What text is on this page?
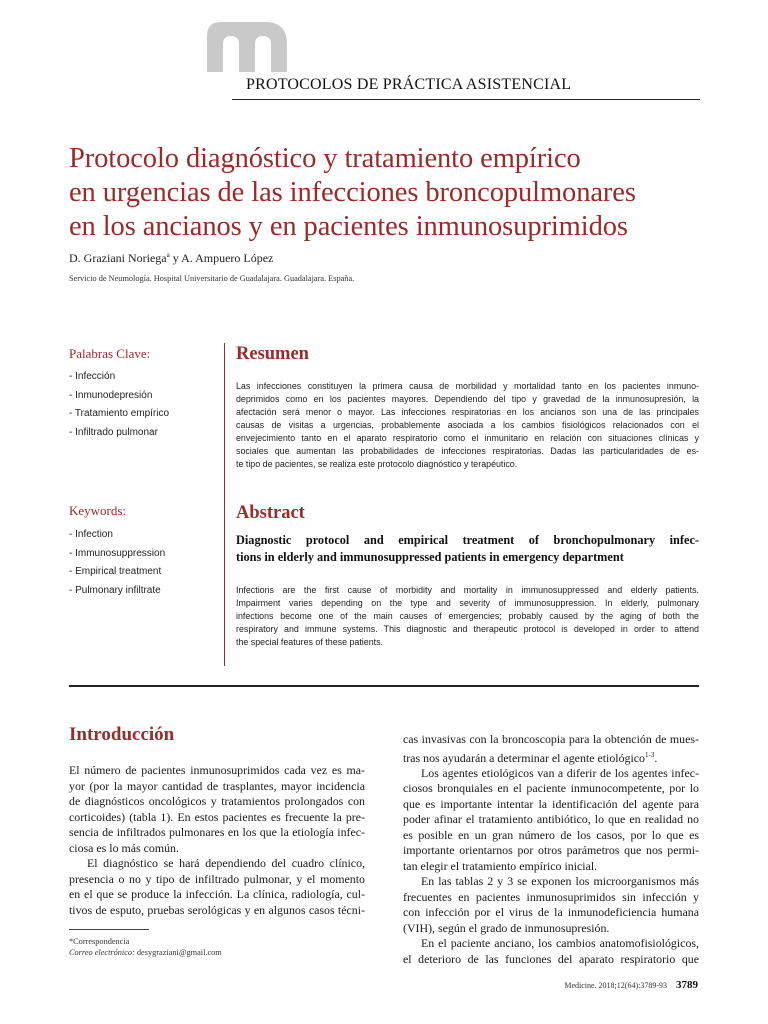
PROTOCOLOS DE PRÁCTICA ASISTENCIAL
Protocolo diagnóstico y tratamiento empírico
en urgencias de las infecciones broncopulmonares
en los ancianos y en pacientes inmunosuprimidos
D. Graziani Noriega$^a$ y A. Ampuero López
Servicio de Neumología. Hospital Universitario de Guadalajara. Guadalajara. España.
Palabras Clave:
- Infección
- Inmunodepresión
- Tratamiento empírico
- Infiltrado pulmonar
Keywords:
- Infection
- Immunosuppression
- Empirical treatment
- Pulmonary infiltrate
Resumen
Las infecciones constituyen la primera causa de morbilidad y mortalidad tanto en los pacientes inmuno-
deprimidos como en los pacientes mayores. Dependiendo del tipo y gravedad de la inmunosupresión, la
afectación será menor o mayor. Las infecciones respiratorias en los ancianos son una de las principales
causas de visitas a urgencias, probablemente asociada a los cambios fisiológicos relacionados con el
envejecimiento tanto en el aparato respiratorio como el inmunitario en relación con situaciones clínicas y
sociales que aumentan las probabilidades de infecciones respiratorias. Dadas las particularidades de es-
te tipo de pacientes, se realiza este protocolo diagnóstico y terapéutico.
Abstract
Diagnostic protocol and empirical treatment of bronchopulmonary infec-
tions in elderly and immunosuppressed patients in emergency department
Infections are the first cause of morbidity and mortality in immunosuppressed and elderly patients.
Impairment varies depending on the type and severity of immunosuppression. In elderly, pulmonary
infections become one of the main causes of emergencies; probably caused by the aging of both the
respiratory and immune systems. This diagnostic and therapeutic protocol is developed in order to attend
the special features of these patients.
Introducción
El número de pacientes inmunosuprimidos cada vez es ma-
yor (por la mayor cantidad de trasplantes, mayor incidencia
de diagnósticos oncológicos y tratamientos prolongados con
corticoides) (tabla 1). En estos pacientes es frecuente la pre-
sencia de infiltrados pulmonares en los que la etiología infec-
ciosa es lo más común.
El diagnóstico se hará dependiendo del cuadro clínico,
presencia o no y tipo de infiltrado pulmonar, y el momento
en el que se produce la infección. La clínica, radiología, cul-
tivos de esputo, pruebas serológicas y en algunos casos técni-
cas invasivas con la broncoscopia para la obtención de mues-
tras nos ayudarán a determinar el agente etiológico$^{1-3}$.
Los agentes etiológicos van a diferir de los agentes infec-
ciosos bronquiales en el paciente inmunocompetente, por lo
que es importante intentar la identificación del agente para
poder afinar el tratamiento antibiótico, lo que en realidad no
es posible en un gran número de los casos, por lo que es
importante orientarnos por otros parámetros que nos permi-
tan elegir el tratamiento empírico inicial.
En las tablas 2 y 3 se exponen los microorganismos más
frecuentes en pacientes inmunosuprimidos sin infección y
con infección por el virus de la inmunodeficiencia humana
(VIH), según el grado de inmunosupresión.
En el paciente anciano, los cambios anatomofisiológicos,
el deterioro de las funciones del aparato respiratorio que
*Correspondencia
Correo electrónico: desygraziani@gmail.com
Medicine. 2018;12(64):3789-93 3789
